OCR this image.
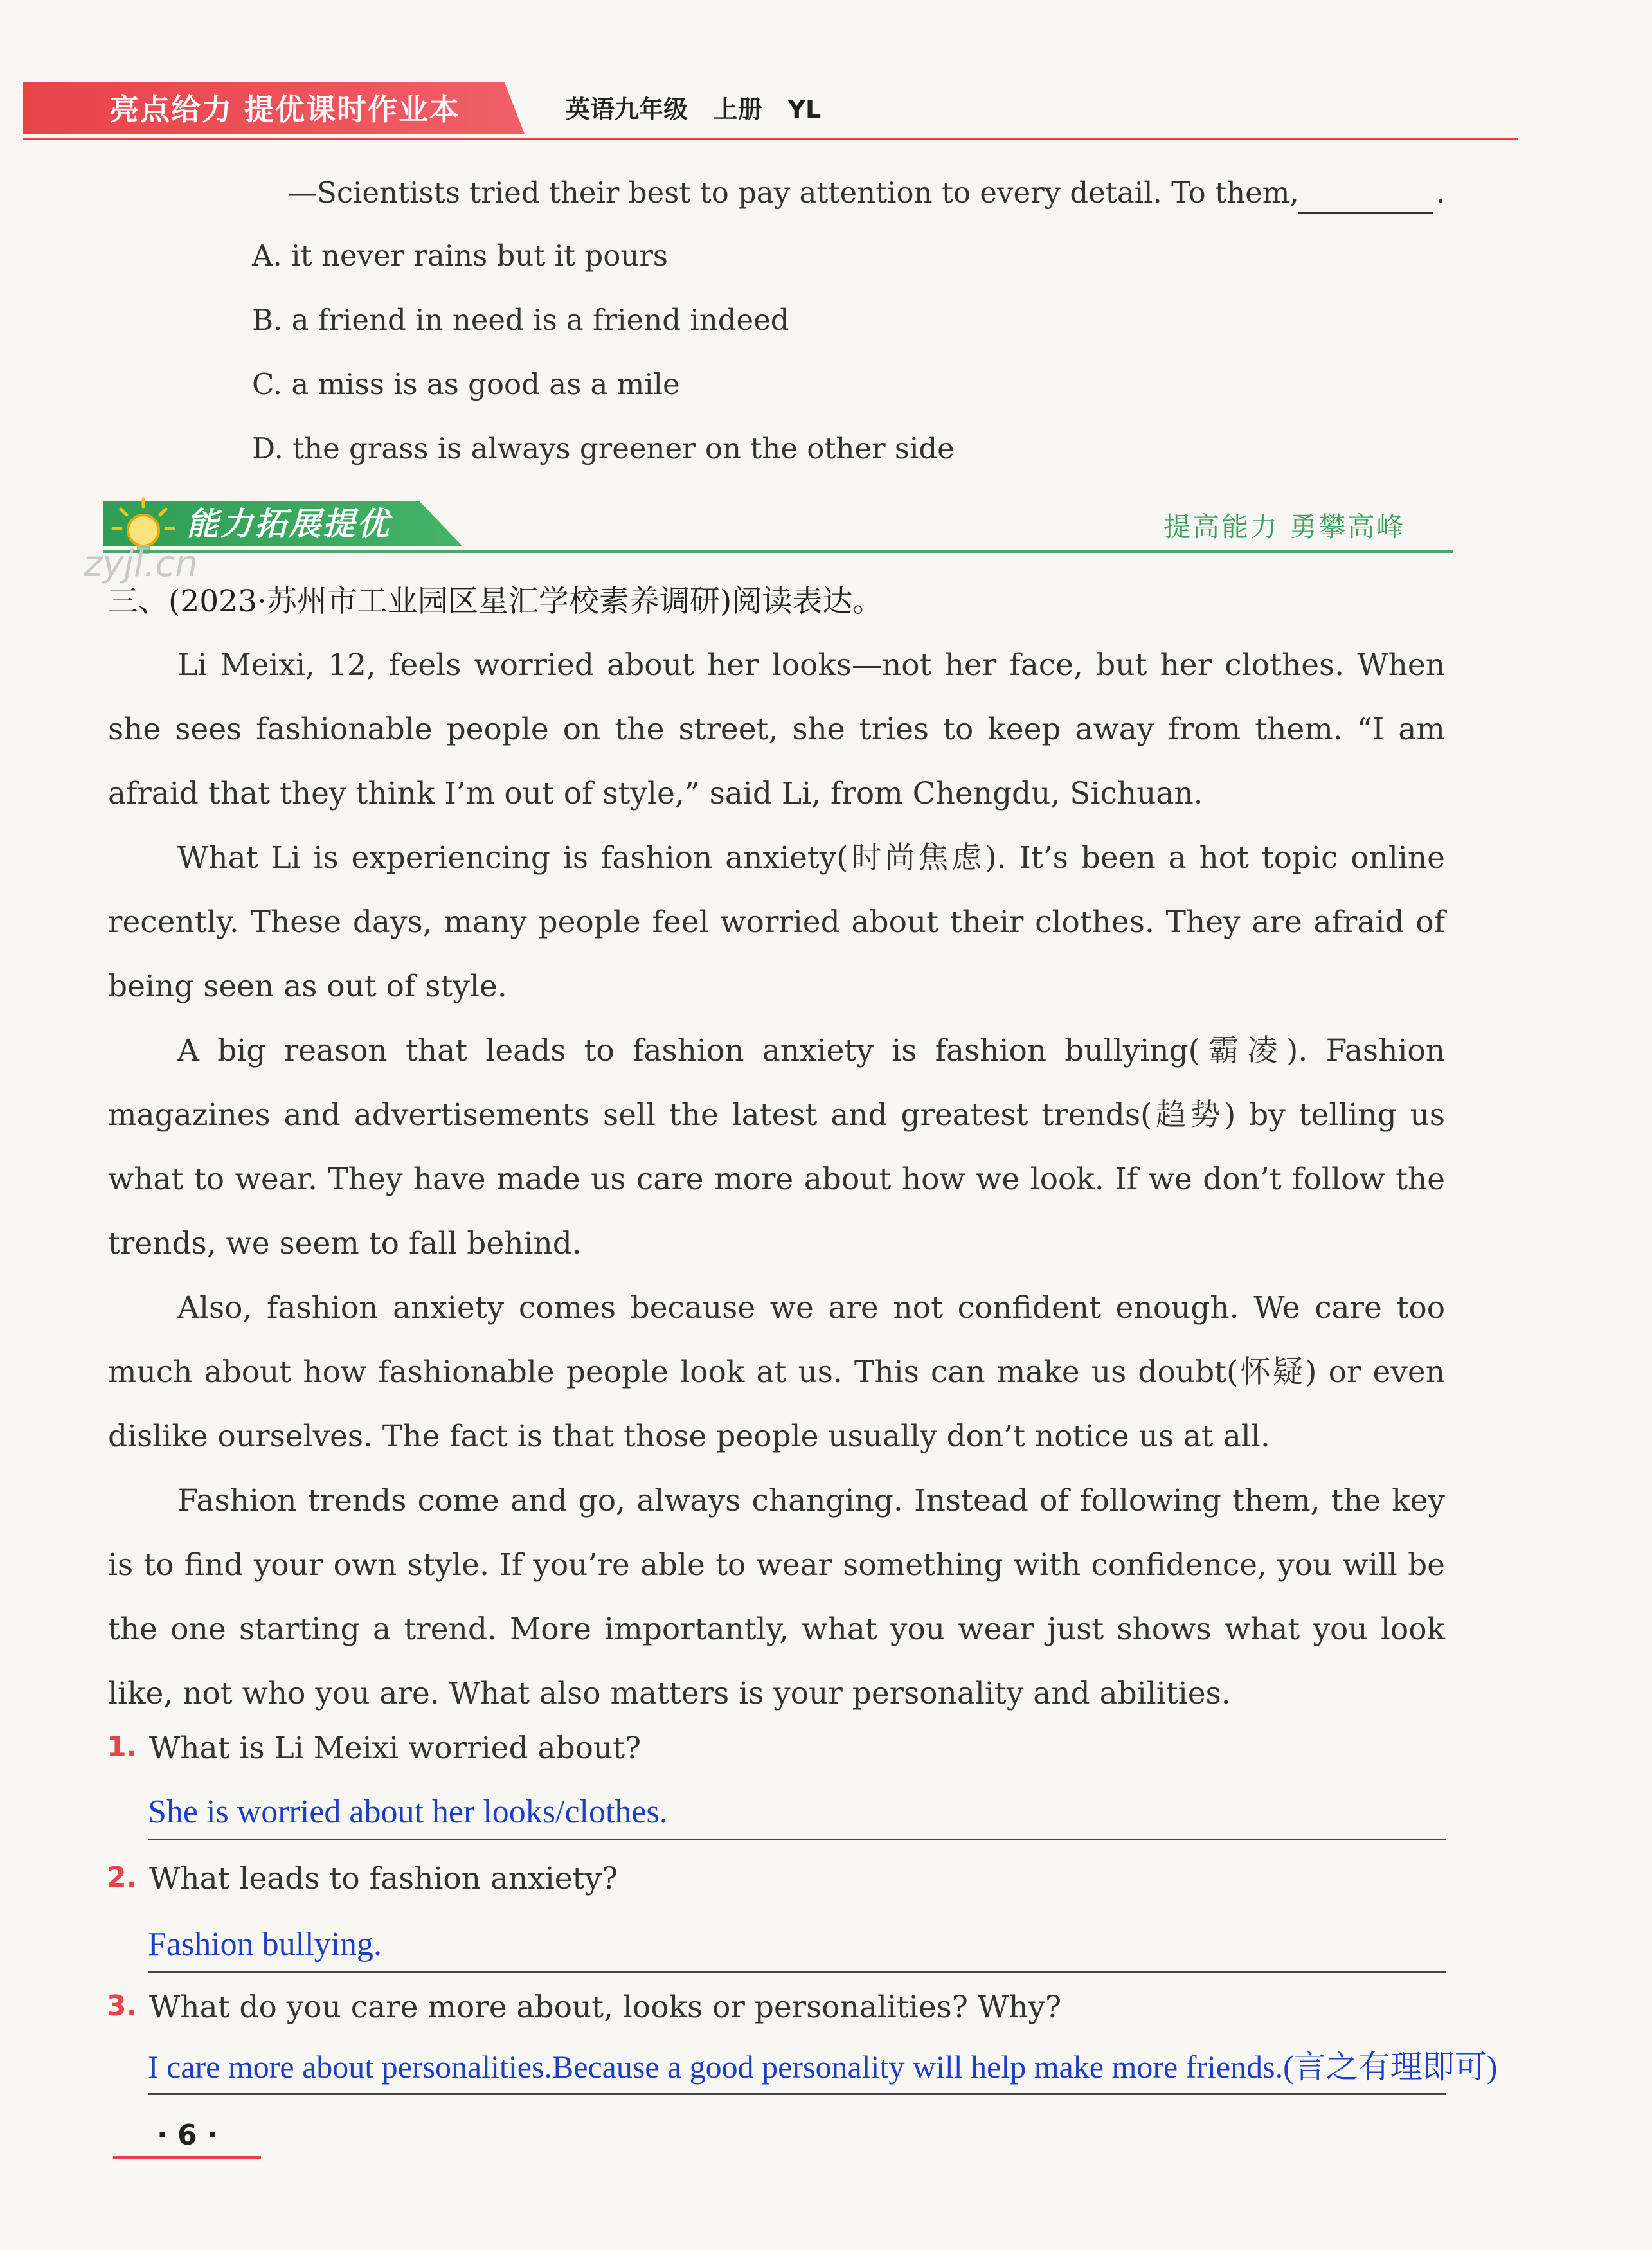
亮点给力 提优课时作业本	英语九年级 上册 YL
—Scientists tried their best to pay attention to every detail. To them,	.
A. it never rains but it pours
B. a friend in need is a friend indeed
C. a miss is as good as a mile
D. the grass is always greener on the other side
能力拓展提优	提高能力 勇攀高峰
zyjl.cn
三、(2023·苏州市工业园区星汇学校素养调研)阅读表达。

Li Meixi, 12, feels worried about her looks—not her face, but her clothes. When she sees fashionable people on the street, she tries to keep away from them. “I am afraid that they think I’m out of style,” said Li, from Chengdu, Sichuan.

What Li is experiencing is fashion anxiety(时尚焦虑). It’s been a hot topic online recently. These days, many people feel worried about their clothes. They are afraid of being seen as out of style.

A big reason that leads to fashion anxiety is fashion bullying(霸凌). Fashion magazines and advertisements sell the latest and greatest trends(趋势) by telling us what to wear. They have made us care more about how we look. If we don’t follow the trends, we seem to fall behind.

Also, fashion anxiety comes because we are not confident enough. We care too much about how fashionable people look at us. This can make us doubt(怀疑) or even dislike ourselves. The fact is that those people usually don’t notice us at all.

Fashion trends come and go, always changing. Instead of following them, the key is to find your own style. If you’re able to wear something with confidence, you will be the one starting a trend. More importantly, what you wear just shows what you look like, not who you are. What also matters is your personality and abilities.

1. What is Li Meixi worried about?
She is worried about her looks/clothes.
2. What leads to fashion anxiety?
Fashion bullying.
3. What do you care more about, looks or personalities? Why?
I care more about personalities.Because a good personality will help make more friends.(言之有理即可)
· 6 ·
